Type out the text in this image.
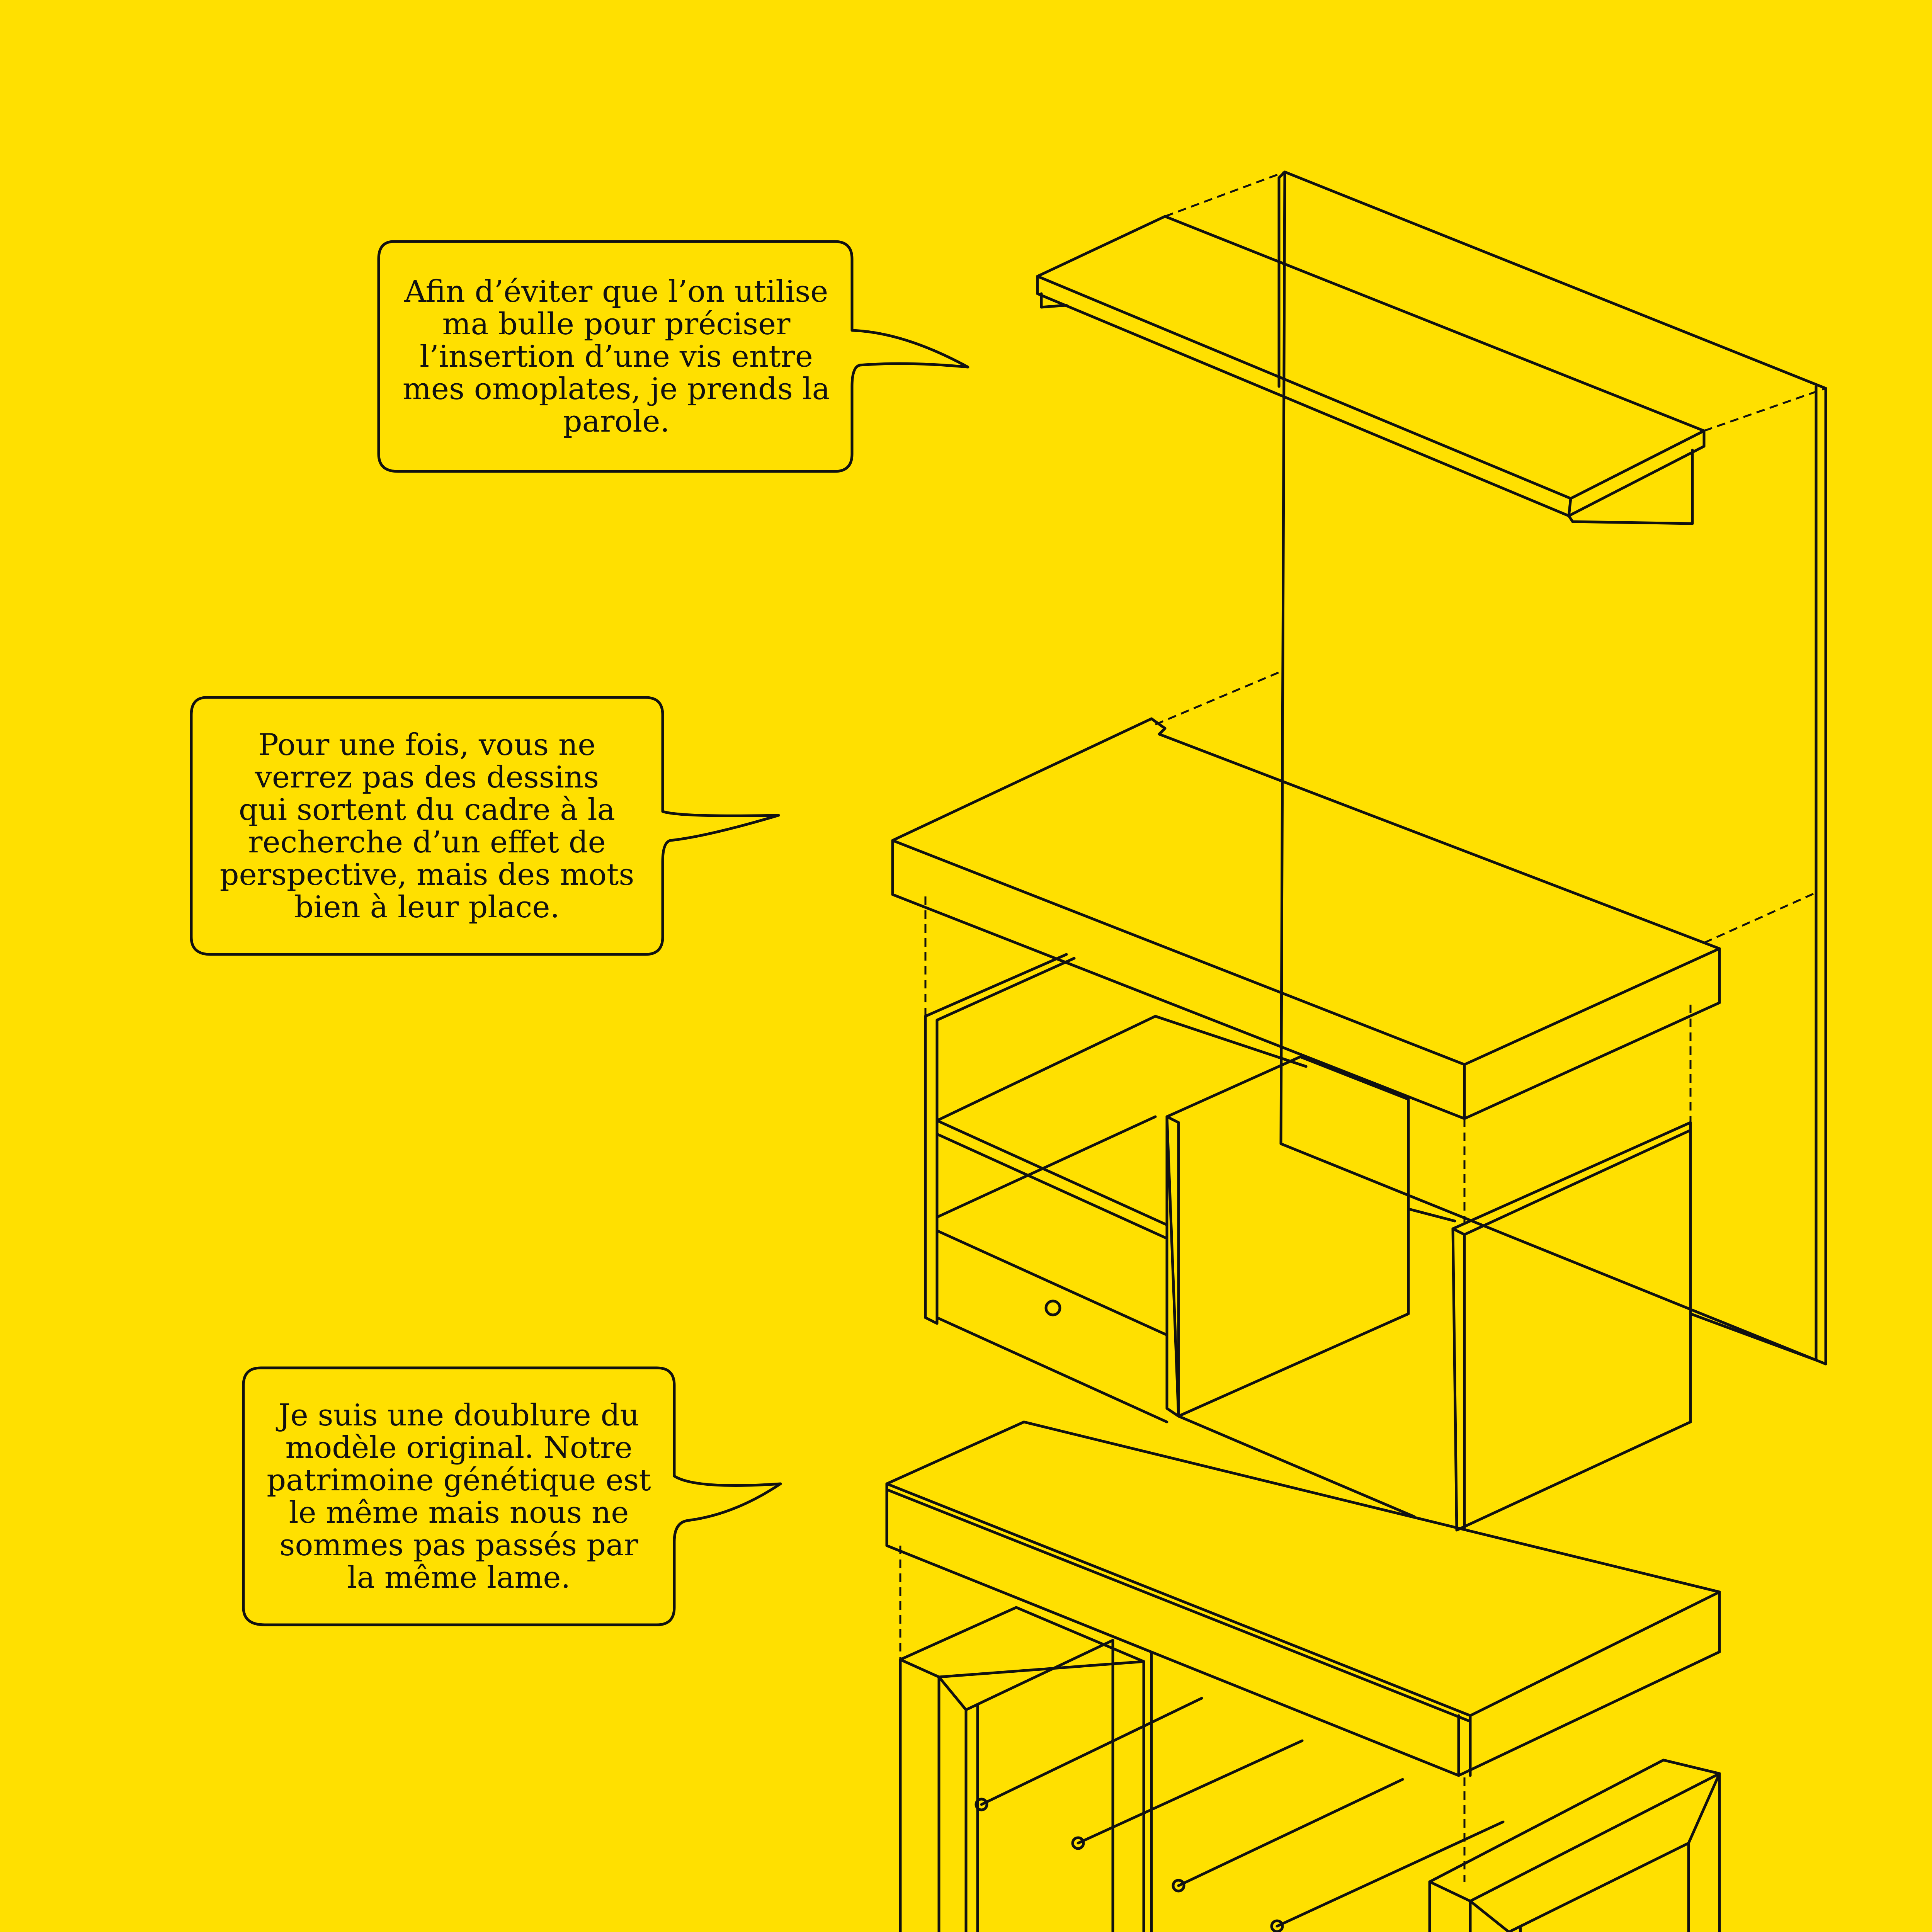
Afin d’éviter que l’on utilise
ma bulle pour préciser
l’insertion d’une vis entre
mes omoplates, je prends la
parole.
Pour une fois, vous ne
verrez pas des dessins
qui sortent du cadre à la
recherche d’un effet de
perspective, mais des mots
bien à leur place.
Je suis une doublure du
modèle original. Notre
patrimoine génétique est
le même mais nous ne
sommes pas passés par
la même lame.
